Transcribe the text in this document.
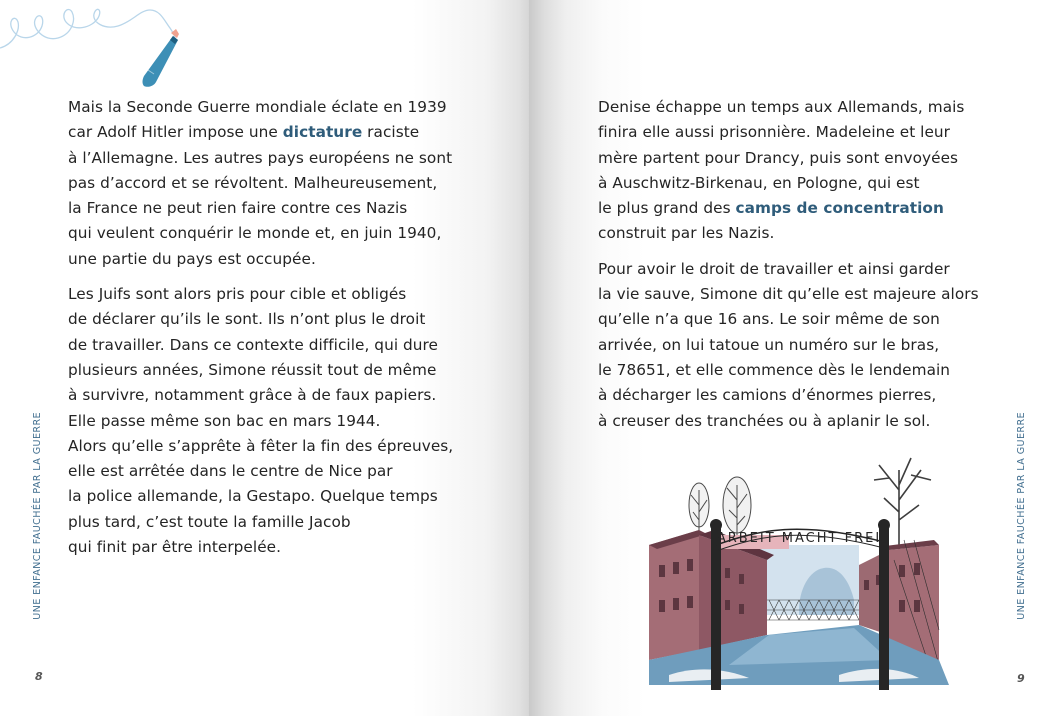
Mais la Seconde Guerre mondiale éclate en 1939
car Adolf Hitler impose une dictature raciste
à l’Allemagne. Les autres pays européens ne sont
pas d’accord et se révoltent. Malheureusement,
la France ne peut rien faire contre ces Nazis
qui veulent conquérir le monde et, en juin 1940,
une partie du pays est occupée.

Les Juifs sont alors pris pour cible et obligés
de déclarer qu’ils le sont. Ils n’ont plus le droit
de travailler. Dans ce contexte difficile, qui dure
plusieurs années, Simone réussit tout de même
à survivre, notamment grâce à de faux papiers.
Elle passe même son bac en mars 1944.
Alors qu’elle s’apprête à fêter la fin des épreuves,
elle est arrêtée dans le centre de Nice par
la police allemande, la Gestapo. Quelque temps
plus tard, c’est toute la famille Jacob
qui finit par être interpelée.

UNE ENFANCE FAUCHÉE PAR LA GUERRE
8

Denise échappe un temps aux Allemands, mais
finira elle aussi prisonnière. Madeleine et leur
mère partent pour Drancy, puis sont envoyées
à Auschwitz-Birkenau, en Pologne, qui est
le plus grand des camps de concentration
construit par les Nazis.

Pour avoir le droit de travailler et ainsi garder
la vie sauve, Simone dit qu’elle est majeure alors
qu’elle n’a que 16 ans. Le soir même de son
arrivée, on lui tatoue un numéro sur le bras,
le 78651, et elle commence dès le lendemain
à décharger les camions d’énormes pierres,
à creuser des tranchées ou à aplanir le sol.

ARBEIT MACHT FREI	UNE ENFANCE FAUCHÉE PAR LA GUERRE
9
